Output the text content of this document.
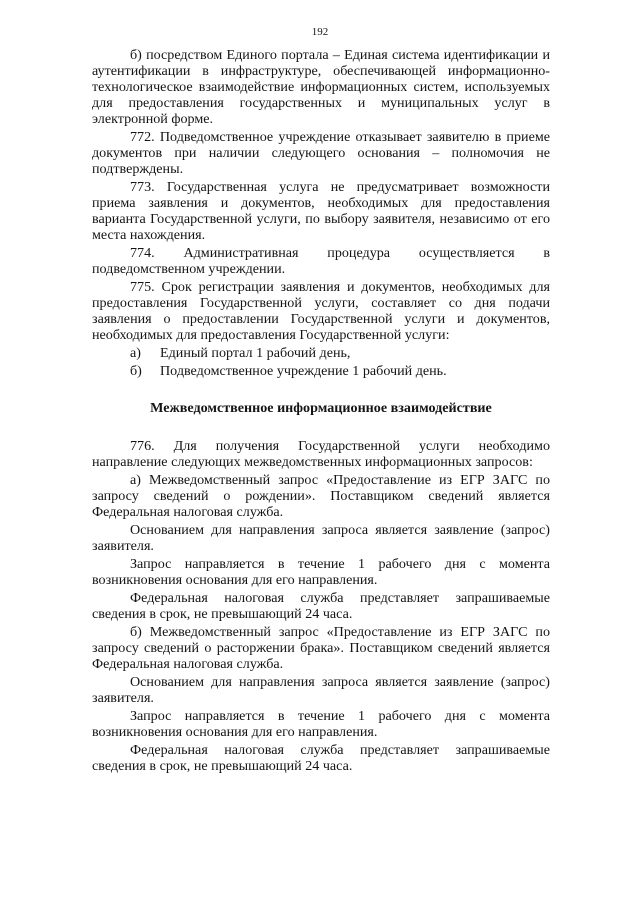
192

б) посредством Единого портала – Единая система идентификации и аутентификации в инфраструктуре, обеспечивающей информационно-технологическое взаимодействие информационных систем, используемых для предоставления государственных и муниципальных услуг в электронной форме.

772. Подведомственное учреждение отказывает заявителю в приеме документов при наличии следующего основания – полномочия не подтверждены.

773. Государственная услуга не предусматривает возможности приема заявления и документов, необходимых для предоставления варианта Государственной услуги, по выбору заявителя, независимо от его места нахождения.

774. Административная процедура осуществляется в подведомственном учреждении.

775. Срок регистрации заявления и документов, необходимых для предоставления Государственной услуги, составляет со дня подачи заявления о предоставлении Государственной услуги и документов, необходимых для предоставления Государственной услуги:

а)	Единый портал 1 рабочий день,
б)	Подведомственное учреждение 1 рабочий день.
Межведомственное информационное взаимодействие

776. Для получения Государственной услуги необходимо направление следующих межведомственных информационных запросов:

а) Межведомственный запрос «Предоставление из ЕГР ЗАГС по запросу сведений о рождении». Поставщиком сведений является Федеральная налоговая служба.

Основанием для направления запроса является заявление (запрос) заявителя.

Запрос направляется в течение 1 рабочего дня с момента возникновения основания для его направления.

Федеральная налоговая служба представляет запрашиваемые сведения в срок, не превышающий 24 часа.

б) Межведомственный запрос «Предоставление из ЕГР ЗАГС по запросу сведений о расторжении брака». Поставщиком сведений является Федеральная налоговая служба.

Основанием для направления запроса является заявление (запрос) заявителя.

Запрос направляется в течение 1 рабочего дня с момента возникновения основания для его направления.

Федеральная налоговая служба представляет запрашиваемые сведения в срок, не превышающий 24 часа.
